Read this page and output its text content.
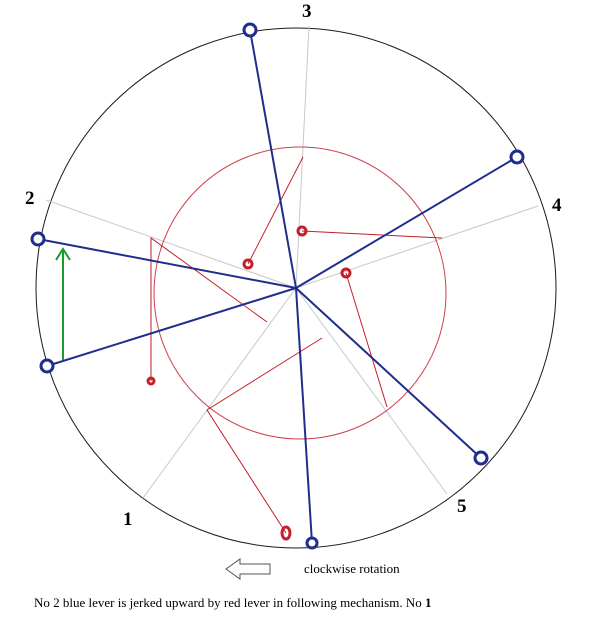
1
2
3
4
5
clockwise rotation
No 2 blue lever is jerked upward by red lever in following mechanism. No 1
